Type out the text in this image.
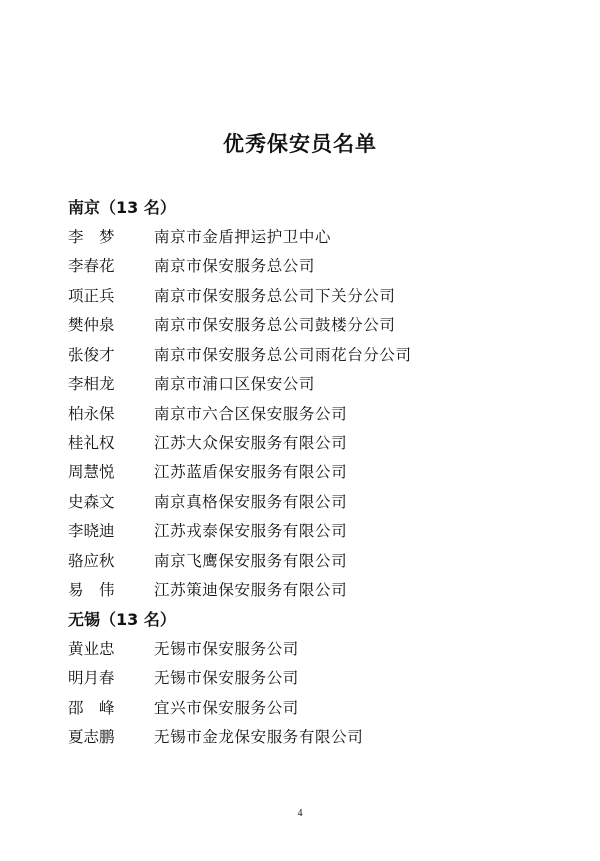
优秀保安员名单
南京（13 名）
李　梦	南京市金盾押运护卫中心
李春花	南京市保安服务总公司
项正兵	南京市保安服务总公司下关分公司
樊仲泉	南京市保安服务总公司鼓楼分公司
张俊才	南京市保安服务总公司雨花台分公司
李相龙	南京市浦口区保安公司
柏永保	南京市六合区保安服务公司
桂礼权	江苏大众保安服务有限公司
周慧悦	江苏蓝盾保安服务有限公司
史森文	南京真格保安服务有限公司
李晓迪	江苏戎泰保安服务有限公司
骆应秋	南京飞鹰保安服务有限公司
易　伟	江苏策迪保安服务有限公司
无锡（13 名）
黄业忠	无锡市保安服务公司
明月春	无锡市保安服务公司
邵　峰	宜兴市保安服务公司
夏志鹏	无锡市金龙保安服务有限公司
4
